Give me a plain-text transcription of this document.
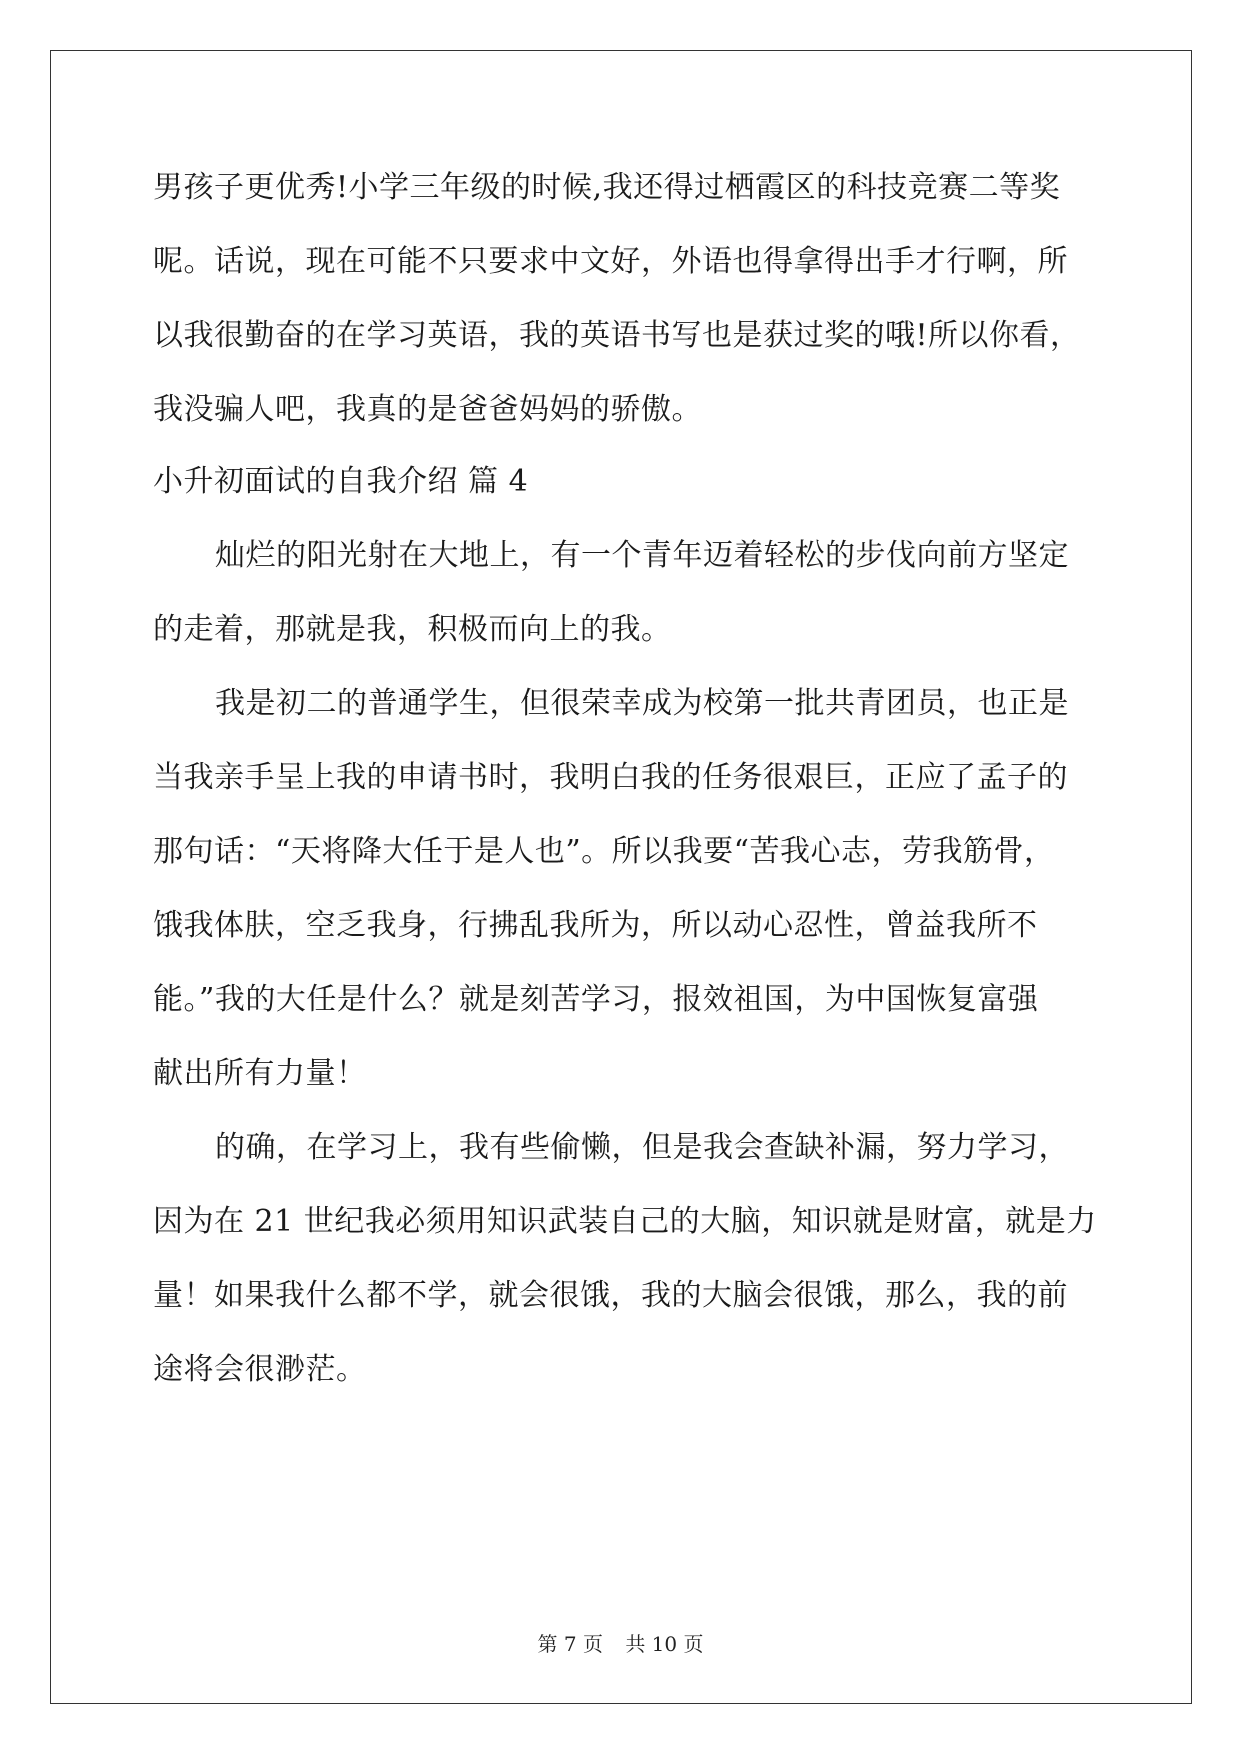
男孩子更优秀!小学三年级的时候,我还得过栖霞区的科技竞赛二等奖
呢。话说，现在可能不只要求中文好，外语也得拿得出手才行啊，所
以我很勤奋的在学习英语，我的英语书写也是获过奖的哦!所以你看，
我没骗人吧，我真的是爸爸妈妈的骄傲。
小升初面试的自我介绍 篇 4
灿烂的阳光射在大地上，有一个青年迈着轻松的步伐向前方坚定
的走着，那就是我，积极而向上的我。
我是初二的普通学生，但很荣幸成为校第一批共青团员，也正是
当我亲手呈上我的申请书时，我明白我的任务很艰巨，正应了孟子的
那句话：“天将降大任于是人也”。所以我要“苦我心志，劳我筋骨，
饿我体肤，空乏我身，行拂乱我所为，所以动心忍性，曾益我所不
能。”我的大任是什么？就是刻苦学习，报效祖国，为中国恢复富强
献出所有力量！
的确，在学习上，我有些偷懒，但是我会查缺补漏，努力学习，
因为在 21 世纪我必须用知识武装自己的大脑，知识就是财富，就是力
量！如果我什么都不学，就会很饿，我的大脑会很饿，那么，我的前
途将会很渺茫。
第 7 页 共 10 页
